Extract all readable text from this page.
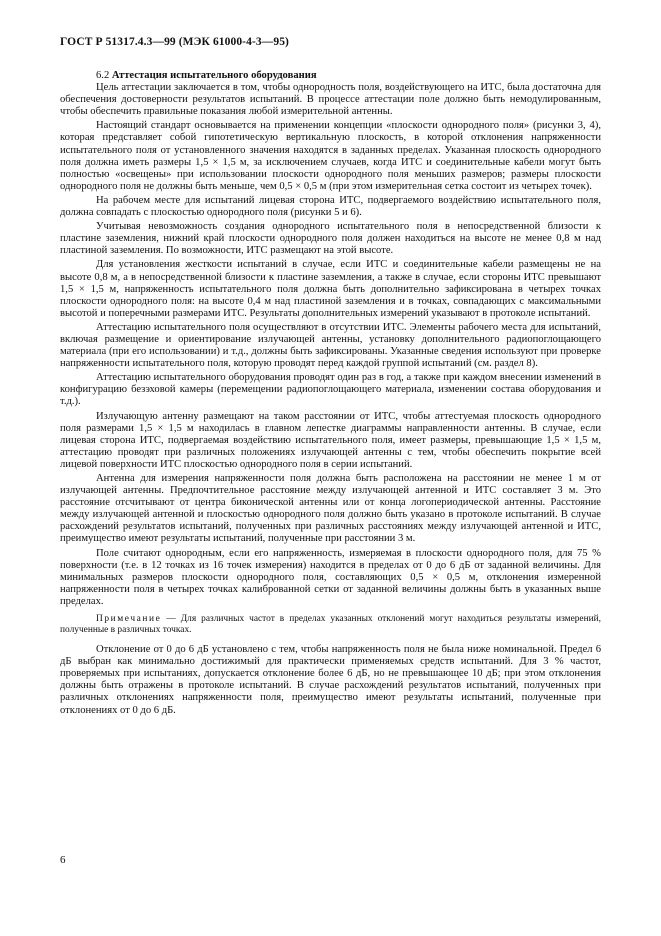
ГОСТ Р 51317.4.3—99 (МЭК 61000-4-3—95)

6.2 Аттестация испытательного оборудования

Цель аттестации заключается в том, чтобы однородность поля, воздействующего на ИТС, была достаточна для обеспечения достоверности результатов испытаний. В процессе аттестации поле должно быть немодулированным, чтобы обеспечить правильные показания любой измерительной антенны.

Настоящий стандарт основывается на применении концепции «плоскости однородного поля» (рисунки 3, 4), которая представляет собой гипотетическую вертикальную плоскость, в которой отклонения напряженности испытательного поля от установленного значения находятся в заданных пределах. Указанная плоскость однородного поля должна иметь размеры 1,5 × 1,5 м, за исключением случаев, когда ИТС и соединительные кабели могут быть полностью «освещены» при использовании плоскости однородного поля меньших размеров; размеры плоскости однородного поля не должны быть меньше, чем 0,5 × 0,5 м (при этом измерительная сетка состоит из четырех точек).

На рабочем месте для испытаний лицевая сторона ИТС, подвергаемого воздействию испытательного поля, должна совпадать с плоскостью однородного поля (рисунки 5 и 6).

Учитывая невозможность создания однородного испытательного поля в непосредственной близости к пластине заземления, нижний край плоскости однородного поля должен находиться на высоте не менее 0,8 м над пластиной заземления. По возможности, ИТС размещают на этой высоте.

Для установления жесткости испытаний в случае, если ИТС и соединительные кабели размещены не на высоте 0,8 м, а в непосредственной близости к пластине заземления, а также в случае, если стороны ИТС превышают 1,5 × 1,5 м, напряженность испытательного поля должна быть дополнительно зафиксирована в четырех точках плоскости однородного поля: на высоте 0,4 м над пластиной заземления и в точках, совпадающих с максимальными высотой и поперечными размерами ИТС. Результаты дополнительных измерений указывают в протоколе испытаний.

Аттестацию испытательного поля осуществляют в отсутствии ИТС. Элементы рабочего места для испытаний, включая размещение и ориентирование излучающей антенны, установку дополнительного радиопоглощающего материала (при его использовании) и т.д., должны быть зафиксированы. Указанные сведения используют при проверке напряженности испытательного поля, которую проводят перед каждой группой испытаний (см. раздел 8).

Аттестацию испытательного оборудования проводят один раз в год, а также при каждом внесении изменений в конфигурацию безэховой камеры (перемещении радиопоглощающего материала, изменении состава оборудования и т.д.).

Излучающую антенну размещают на таком расстоянии от ИТС, чтобы аттестуемая плоскость однородного поля размерами 1,5 × 1,5 м находилась в главном лепестке диаграммы направленности антенны. В случае, если лицевая сторона ИТС, подвергаемая воздействию испытательного поля, имеет размеры, превышающие 1,5 × 1,5 м, аттестацию проводят при различных положениях излучающей антенны с тем, чтобы обеспечить покрытие всей лицевой поверхности ИТС плоскостью однородного поля в серии испытаний.

Антенна для измерения напряженности поля должна быть расположена на расстоянии не менее 1 м от излучающей антенны. Предпочтительное расстояние между излучающей антенной и ИТС составляет 3 м. Это расстояние отсчитывают от центра биконической антенны или от конца логопериодической антенны. Расстояние между излучающей антенной и плоскостью однородного поля должно быть указано в протоколе испытаний. В случае расхождений результатов испытаний, полученных при различных расстояниях между излучающей антенной и ИТС, преимущество имеют результаты испытаний, полученные при расстоянии 3 м.

Поле считают однородным, если его напряженность, измеряемая в плоскости однородного поля, для 75 % поверхности (т.е. в 12 точках из 16 точек измерения) находится в пределах от 0 до 6 дБ от заданной величины. Для минимальных размеров плоскости однородного поля, составляющих 0,5 × 0,5 м, отклонения измеренной напряженности поля в четырех точках калиброванной сетки от заданной величины должны быть в указанных выше пределах.

Примечание — Для различных частот в пределах указанных отклонений могут находиться результаты измерений, полученные в различных точках.

Отклонение от 0 до 6 дБ установлено с тем, чтобы напряженность поля не была ниже номинальной. Предел 6 дБ выбран как минимально достижимый для практически применяемых средств испытаний. Для 3 % частот, проверяемых при испытаниях, допускается отклонение более 6 дБ, но не превышающее 10 дБ; при этом отклонения должны быть отражены в протоколе испытаний. В случае расхождений результатов испытаний, полученных при различных отклонениях напряженности поля, преимущество имеют результаты испытаний, полученные при отклонениях от 0 до 6 дБ.

6
